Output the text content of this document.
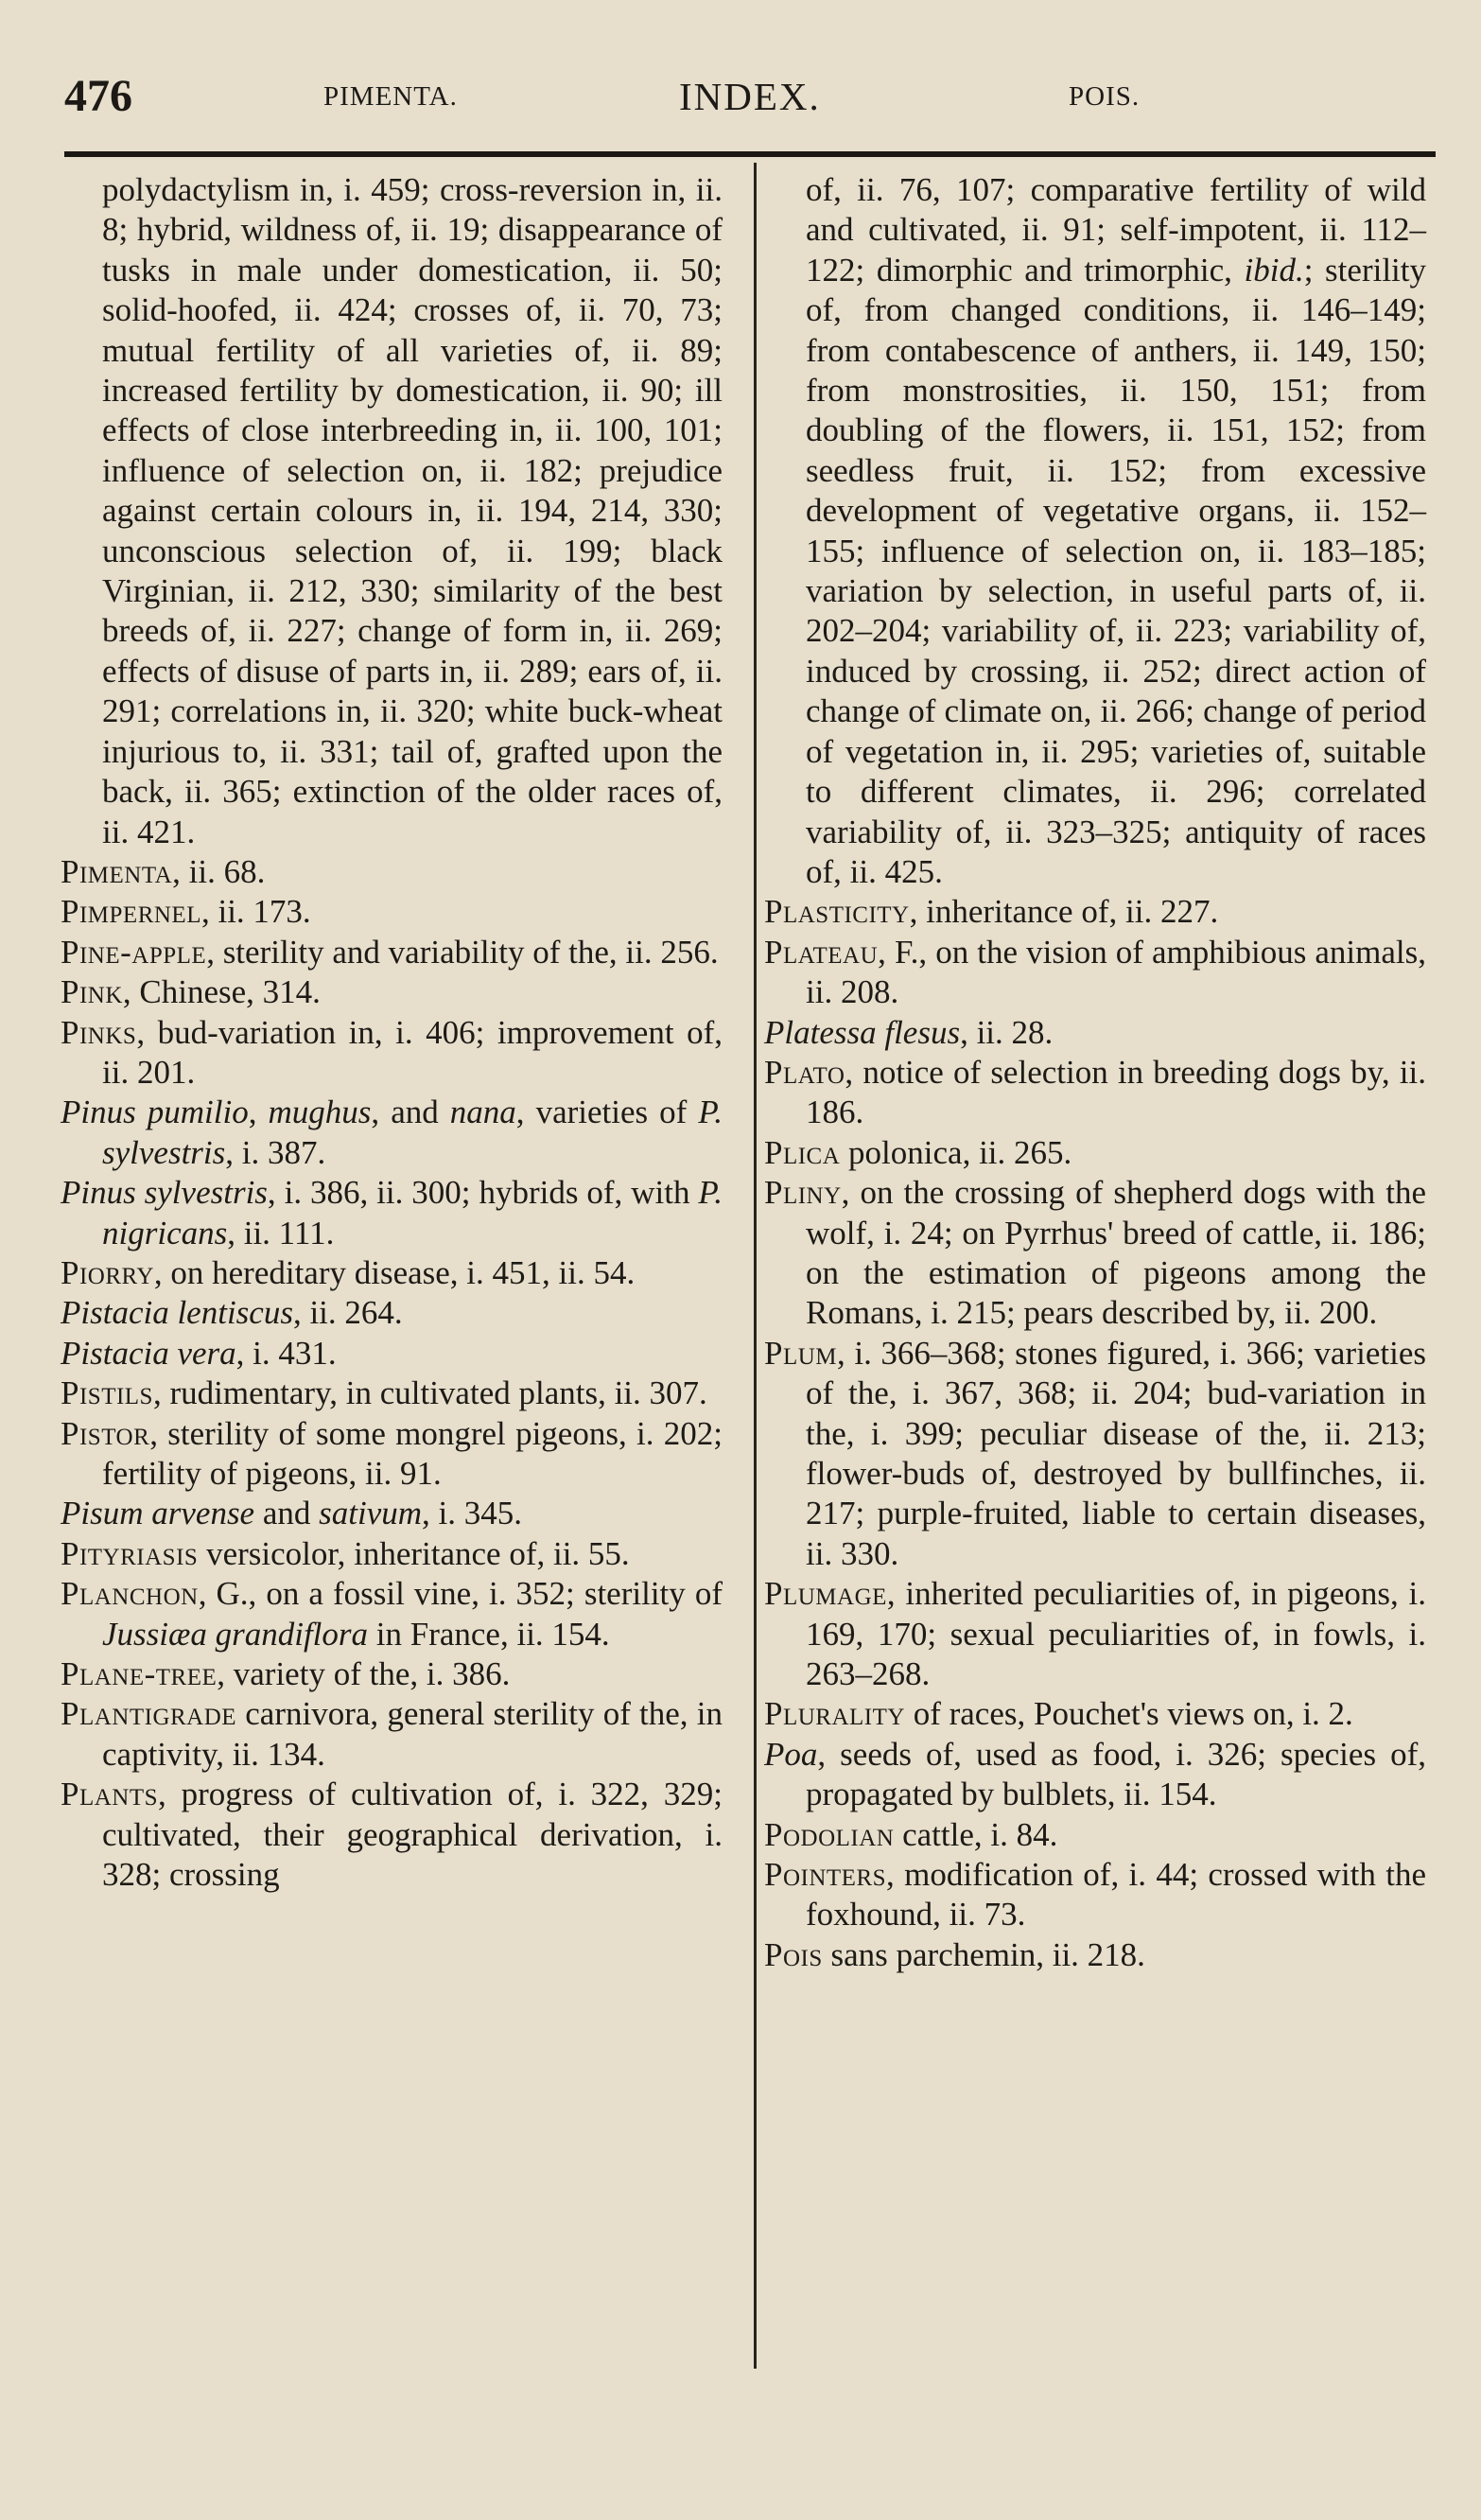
476	PIMENTA.	INDEX.	POIS.

polydactylism in, i. 459; cross-reversion in, ii. 8; hybrid, wildness of, ii. 19; disappearance of tusks in male under domestication, ii. 50; solid-hoofed, ii. 424; crosses of, ii. 70, 73; mutual fertility of all varieties of, ii. 89; increased fertility by domestication, ii. 90; ill effects of close interbreeding in, ii. 100, 101; influence of selection on, ii. 182; prejudice against certain colours in, ii. 194, 214, 330; unconscious selection of, ii. 199; black Virginian, ii. 212, 330; similarity of the best breeds of, ii. 227; change of form in, ii. 269; effects of disuse of parts in, ii. 289; ears of, ii. 291; correlations in, ii. 320; white buck-wheat injurious to, ii. 331; tail of, grafted upon the back, ii. 365; extinction of the older races of, ii. 421.

Pimenta, ii. 68.

Pimpernel, ii. 173.

Pine-apple, sterility and variability of the, ii. 256.

Pink, Chinese, 314.

Pinks, bud-variation in, i. 406; improvement of, ii. 201.

Pinus pumilio, mughus, and nana, varieties of P. sylvestris, i. 387.

Pinus sylvestris, i. 386, ii. 300; hybrids of, with P. nigricans, ii. 111.

Piorry, on hereditary disease, i. 451, ii. 54.

Pistacia lentiscus, ii. 264.

Pistacia vera, i. 431.

Pistils, rudimentary, in cultivated plants, ii. 307.

Pistor, sterility of some mongrel pigeons, i. 202; fertility of pigeons, ii. 91.

Pisum arvense and sativum, i. 345.

Pityriasis versicolor, inheritance of, ii. 55.

Planchon, G., on a fossil vine, i. 352; sterility of Jussiæa grandiflora in France, ii. 154.

Plane-tree, variety of the, i. 386.

Plantigrade carnivora, general sterility of the, in captivity, ii. 134.

Plants, progress of cultivation of, i. 322, 329; cultivated, their geographical derivation, i. 328; crossing

of, ii. 76, 107; comparative fertility of wild and cultivated, ii. 91; self-impotent, ii. 112–122; dimorphic and trimorphic, ibid.; sterility of, from changed conditions, ii. 146–149; from contabescence of anthers, ii. 149, 150; from monstrosities, ii. 150, 151; from doubling of the flowers, ii. 151, 152; from seedless fruit, ii. 152; from excessive development of vegetative organs, ii. 152–155; influence of selection on, ii. 183–185; variation by selection, in useful parts of, ii. 202–204; variability of, ii. 223; variability of, induced by crossing, ii. 252; direct action of change of climate on, ii. 266; change of period of vegetation in, ii. 295; varieties of, suitable to different climates, ii. 296; correlated variability of, ii. 323–325; antiquity of races of, ii. 425.

Plasticity, inheritance of, ii. 227.

Plateau, F., on the vision of amphibious animals, ii. 208.

Platessa flesus, ii. 28.

Plato, notice of selection in breeding dogs by, ii. 186.

Plica polonica, ii. 265.

Pliny, on the crossing of shepherd dogs with the wolf, i. 24; on Pyrrhus' breed of cattle, ii. 186; on the estimation of pigeons among the Romans, i. 215; pears described by, ii. 200.

Plum, i. 366–368; stones figured, i. 366; varieties of the, i. 367, 368; ii. 204; bud-variation in the, i. 399; peculiar disease of the, ii. 213; flower-buds of, destroyed by bullfinches, ii. 217; purple-fruited, liable to certain diseases, ii. 330.

Plumage, inherited peculiarities of, in pigeons, i. 169, 170; sexual peculiarities of, in fowls, i. 263–268.

Plurality of races, Pouchet's views on, i. 2.

Poa, seeds of, used as food, i. 326; species of, propagated by bulblets, ii. 154.

Podolian cattle, i. 84.

Pointers, modification of, i. 44; crossed with the foxhound, ii. 73.

Pois sans parchemin, ii. 218.
